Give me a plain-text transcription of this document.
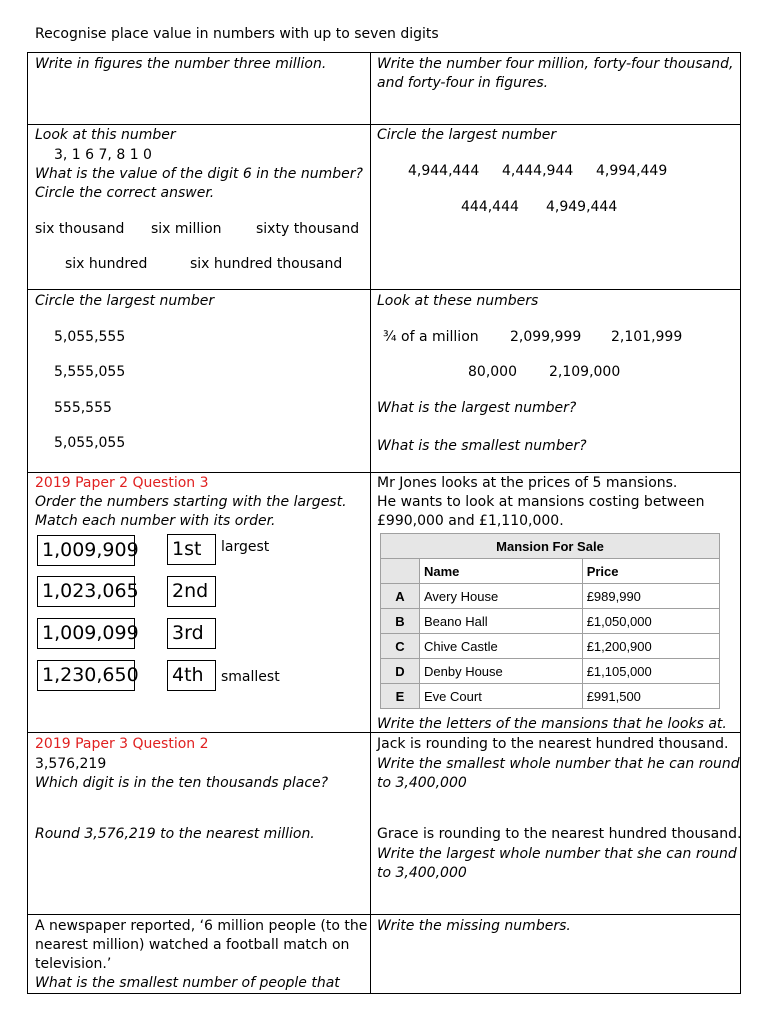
Recognise place value in numbers with up to seven digits
Write in figures the number three million.	Write the number four million, forty-four thousand,
and forty-four in figures.
Look at this number
3, 1 6 7, 8 1 0
What is the value of the digit 6 in the number?
Circle the correct answer.
six thousand six million sixty thousand
six hundred	six hundred thousand
Circle the largest number
4,944,444 4,444,944 4,994,449
444,444 4,949,444
Circle the largest number
5,055,555
5,555,055
555,555
5,055,055
Look at these numbers
¾ of a million 2,099,999 2,101,999
80,000 2,109,000
What is the largest number?
What is the smallest number?
2019 Paper 2 Question 3
Order the numbers starting with the largest.
Match each number with its order.
1,009,909
1,023,065
1,009,099
1,230,650
1st
2nd
3rd
4th
largest
smallest
Mr Jones looks at the prices of 5 mansions.
He wants to look at mansions costing between
£990,000 and £1,110,000.
Mansion For Sale		
	Name	Price
A	Avery House	£989,990
B	Beano Hall	£1,050,000
C	Chive Castle	£1,200,900
D	Denby House	£1,105,000
E	Eve Court	£991,500
Write the letters of the mansions that he looks at.
2019 Paper 3 Question 2
3,576,219
Which digit is in the ten thousands place?
Round 3,576,219 to the nearest million.
Jack is rounding to the nearest hundred thousand.
Write the smallest whole number that he can round
to 3,400,000
Grace is rounding to the nearest hundred thousand.
Write the largest whole number that she can round
to 3,400,000
A newspaper reported, ‘6 million people (to the
nearest million) watched a football match on
television.’
What is the smallest number of people that
Write the missing numbers.
